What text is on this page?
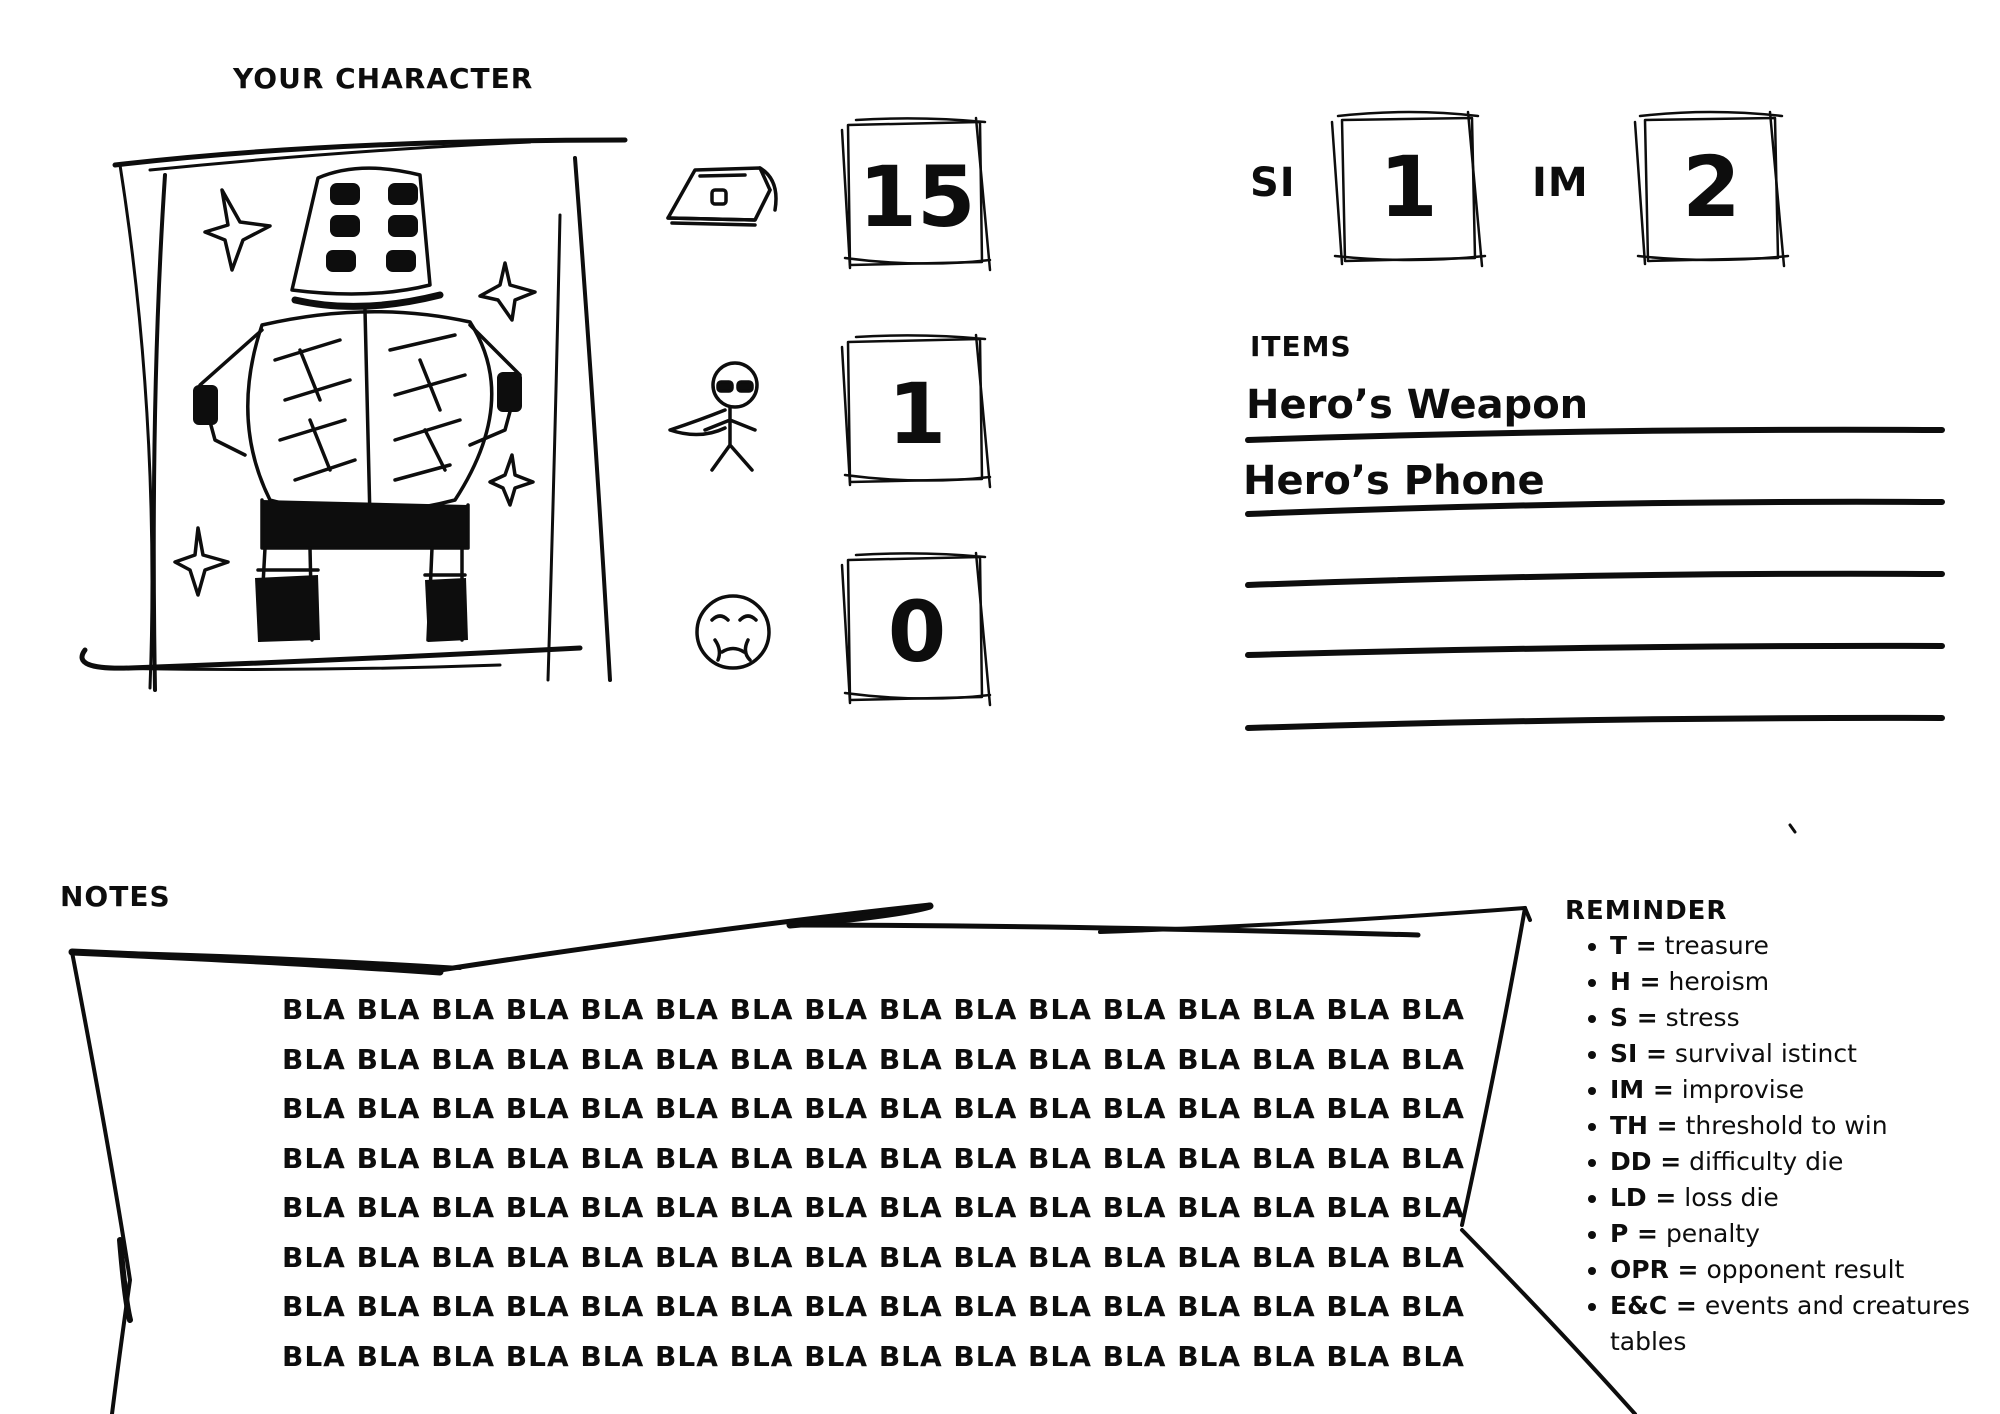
YOUR CHARACTER
15
1
0
SI 1	IM	2
ITEMS
Hero’s Weapon
Hero’s Phone
NOTES
BLA BLA BLA BLA BLA BLA BLA BLA BLA BLA BLA BLA BLA BLA BLA BLA
BLA BLA BLA BLA BLA BLA BLA BLA BLA BLA BLA BLA BLA BLA BLA BLA
BLA BLA BLA BLA BLA BLA BLA BLA BLA BLA BLA BLA BLA BLA BLA BLA
BLA BLA BLA BLA BLA BLA BLA BLA BLA BLA BLA BLA BLA BLA BLA BLA
BLA BLA BLA BLA BLA BLA BLA BLA BLA BLA BLA BLA BLA BLA BLA BLA
BLA BLA BLA BLA BLA BLA BLA BLA BLA BLA BLA BLA BLA BLA BLA BLA
BLA BLA BLA BLA BLA BLA BLA BLA BLA BLA BLA BLA BLA BLA BLA BLA
BLA BLA BLA BLA BLA BLA BLA BLA BLA BLA BLA BLA BLA BLA BLA BLA
REMINDER
• T = treasure
• H = heroism
• S = stress
• SI = survival istinct
• IM = improvise
• TH = threshold to win
• DD = difficulty die
• LD = loss die
• P = penalty
• OPR = opponent result
• E&C = events and creatures tables
